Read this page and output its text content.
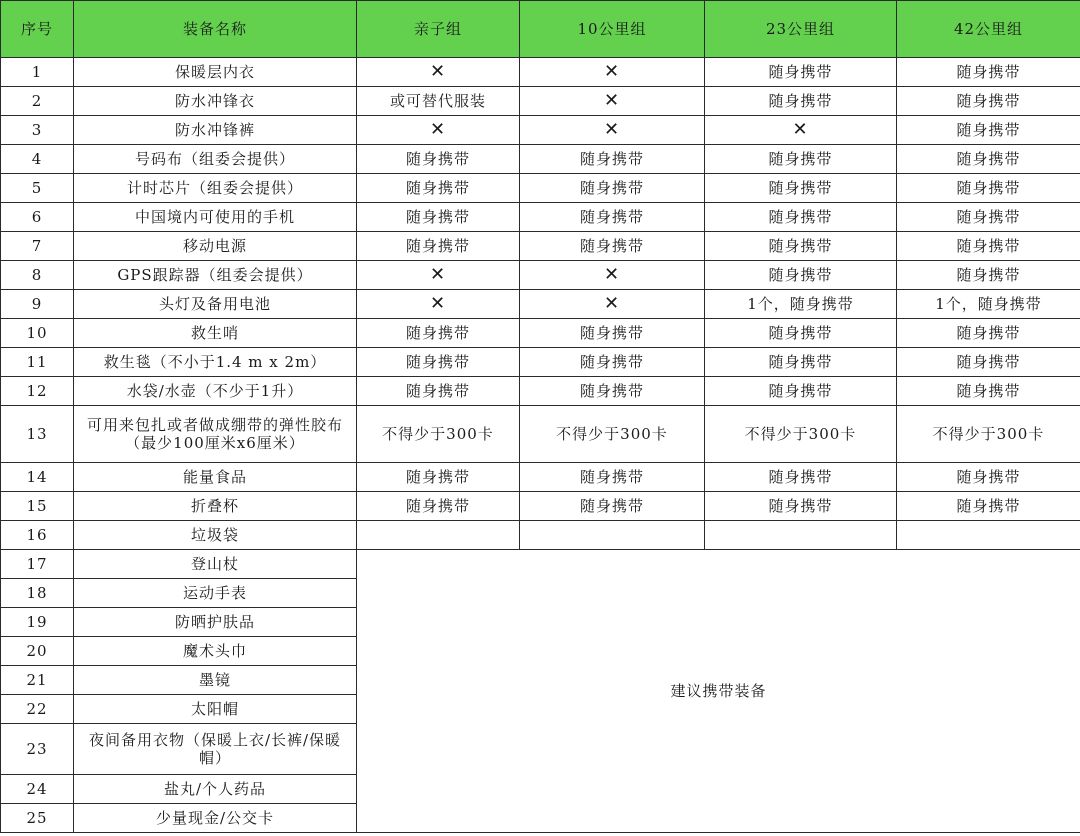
序号	装备名称	亲子组	10公里组	23公里组	42公里组
1	保暖层内衣	✕	✕	随身携带	随身携带
2	防水冲锋衣	或可替代服装	✕	随身携带	随身携带
3	防水冲锋裤	✕	✕	✕	随身携带
4	号码布（组委会提供）	随身携带	随身携带	随身携带	随身携带
5	计时芯片（组委会提供）	随身携带	随身携带	随身携带	随身携带
6	中国境内可使用的手机	随身携带	随身携带	随身携带	随身携带
7	移动电源	随身携带	随身携带	随身携带	随身携带
8	GPS跟踪器（组委会提供）	✕	✕	随身携带	随身携带
9	头灯及备用电池	✕	✕	1个，随身携带	1个，随身携带
10	救生哨	随身携带	随身携带	随身携带	随身携带
11	救生毯（不小于1.4 m x 2m）	随身携带	随身携带	随身携带	随身携带
12	水袋/水壶（不少于1升）	随身携带	随身携带	随身携带	随身携带
13	可用来包扎或者做成绷带的弹性胶布（最少100厘米x6厘米）	不得少于300卡	不得少于300卡	不得少于300卡	不得少于300卡
14	能量食品	随身携带	随身携带	随身携带	随身携带
15	折叠杯	随身携带	随身携带	随身携带	随身携带
16	垃圾袋				
17	登山杖	建议携带装备			
18	运动手表				
19	防晒护肤品				
20	魔术头巾				
21	墨镜				
22	太阳帽				
23	夜间备用衣物（保暖上衣/长裤/保暖帽）				
24	盐丸/个人药品				
25	少量现金/公交卡				
